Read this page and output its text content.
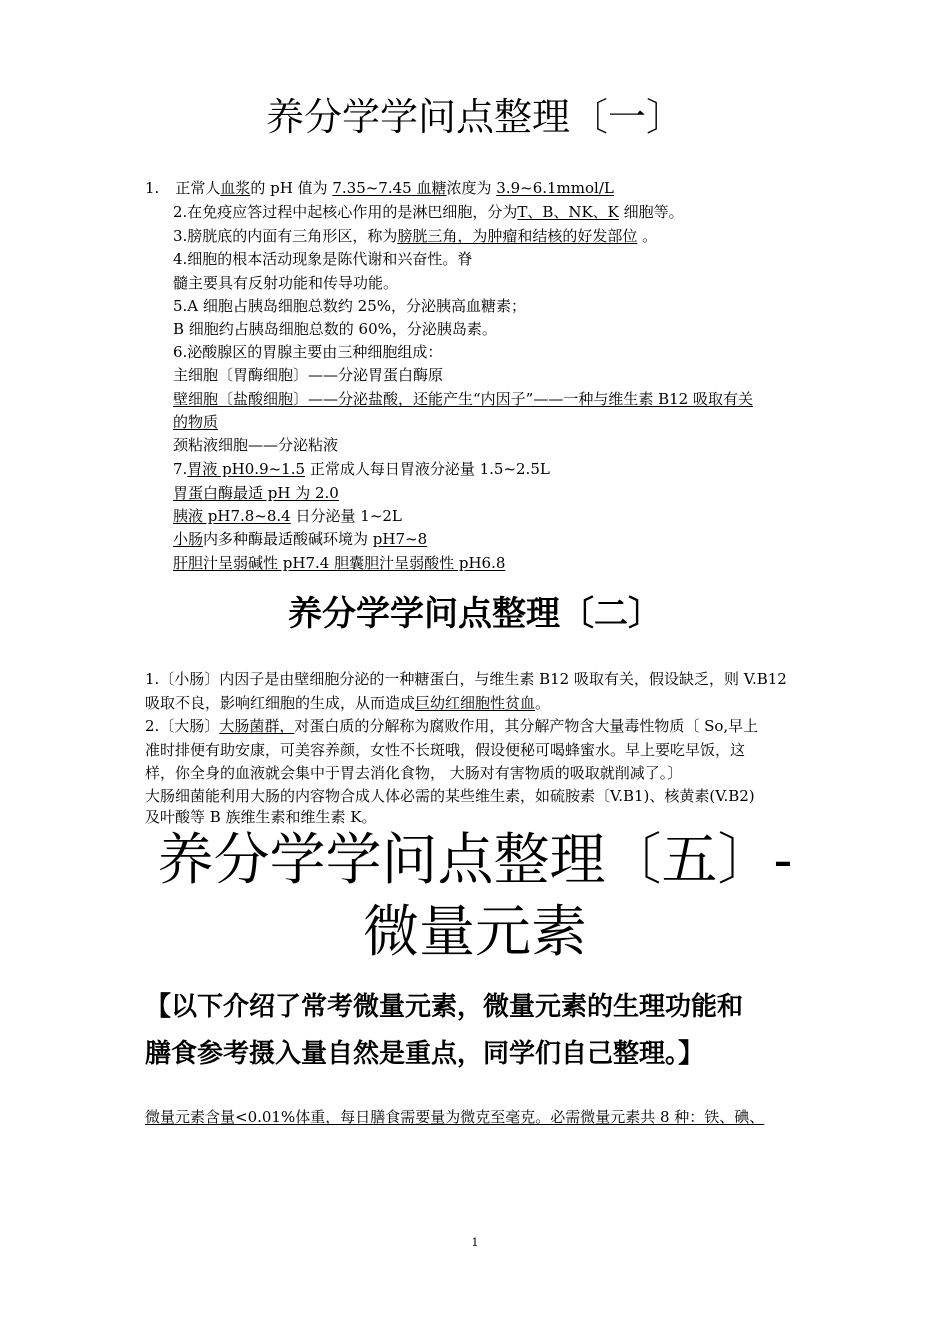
养分学学问点整理〔一〕
1. 正常人血浆的 pH 值为 7.35~7.45 血糖浓度为 3.9~6.1mmol/L
2.在免疫应答过程中起核心作用的是淋巴细胞，分为T、B、NK、K 细胞等。
3.膀胱底的内面有三角形区，称为膀胱三角，为肿瘤和结核的好发部位 。
4.细胞的根本活动现象是陈代谢和兴奋性。脊
髓主要具有反射功能和传导功能。
5.A 细胞占胰岛细胞总数约 25%，分泌胰高血糖素；
B 细胞约占胰岛细胞总数的 60%，分泌胰岛素。
6.泌酸腺区的胃腺主要由三种细胞组成：
主细胞〔胃酶细胞〕——分泌胃蛋白酶原
壁细胞〔盐酸细胞〕——分泌盐酸，还能产生“内因子”——一种与维生素 B12 吸取有关
的物质
颈粘液细胞——分泌粘液
7.胃液 pH0.9~1.5 正常成人每日胃液分泌量 1.5~2.5L
胃蛋白酶最适 pH 为 2.0
胰液 pH7.8~8.4 日分泌量 1~2L
小肠内多种酶最适酸碱环境为 pH7~8
肝胆汁呈弱碱性 pH7.4 胆囊胆汁呈弱酸性 pH6.8
养分学学问点整理〔二〕
1.〔小肠〕内因子是由壁细胞分泌的一种糖蛋白，与维生素 B12 吸取有关，假设缺乏，则 V.B12
吸取不良，影响红细胞的生成，从而造成巨幼红细胞性贫血。
2.〔大肠〕大肠菌群，对蛋白质的分解称为腐败作用，其分解产物含大量毒性物质〔 So,早上
准时排便有助安康，可美容养颜，女性不长斑哦，假设便秘可喝蜂蜜水。早上要吃早饭，这
样，你全身的血液就会集中于胃去消化食物， 大肠对有害物质的吸取就削减了。〕
大肠细菌能利用大肠的内容物合成人体必需的某些维生素，如硫胺素〔V.B1)、核黄素(V.B2)
及叶酸等 B 族维生素和维生素 K。
养分学学问点整理〔五〕-
微量元素
【以下介绍了常考微量元素，微量元素的生理功能和
膳食参考摄入量自然是重点，同学们自己整理。】
微量元素含量<0.01%体重，每日膳食需要量为微克至毫克。必需微量元素共 8 种：铁、碘、
1
